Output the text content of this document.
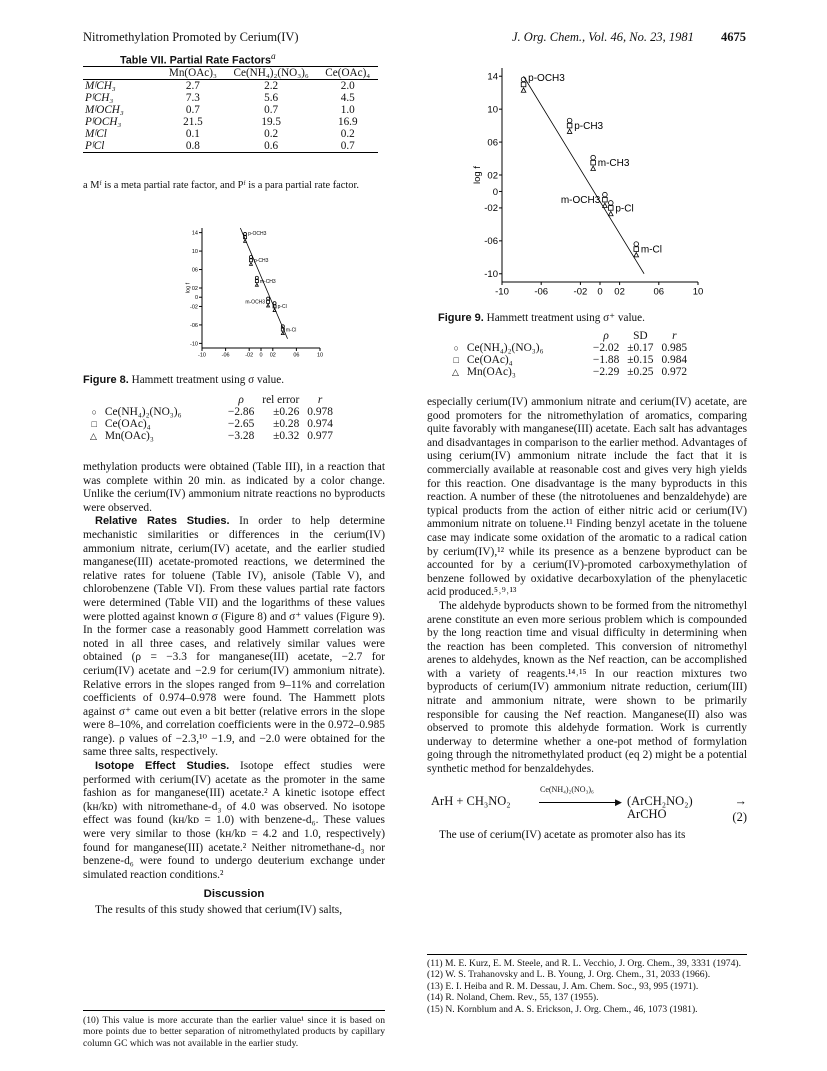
Nitromethylation Promoted by Cerium(IV)	J. Org. Chem., Vol. 46, No. 23, 1981 4675
Table VII. Partial Rate Factors$^a$
	Mn(OAc)₃	Ce(NH₄)₂(NO₃)₆	Ce(OAc)₄
MᶠCH₃	2.7	2.2	2.0
PᶠCH₃	7.3	5.6	4.5
MᶠOCH₃	0.7	0.7	1.0
PᶠOCH₃	21.5	19.5	16.9
MᶠCl	0.1	0.2	0.2
PᶠCl	0.8	0.6	0.7
a Mᶠ is a meta partial rate factor, and Pᶠ is a para partial rate factor.
14
10
06
02
0
-02
-06
-10
-10	-06	-02 0 02	06	10
log f
p-OCH3
p-CH3
m-CH3
m-OCH3
p-Cl
m-Cl
Figure 8. Hammett treatment using σ value.
		ρ	rel error	r
○	Ce(NH₄)₂(NO₃)₆	−2.86	±0.26	0.978
□	Ce(OAc)₄	−2.65	±0.28	0.974
△	Mn(OAc)₃	−3.28	±0.32	0.977

methylation products were obtained (Table III), in a reaction that was complete within 20 min. as indicated by a color change. Unlike the cerium(IV) ammonium nitrate reactions no byproducts were observed.

Relative Rates Studies. In order to help determine mechanistic similarities or differences in the cerium(IV) ammonium nitrate, cerium(IV) acetate, and the earlier studied manganese(III) acetate-promoted reactions, we determined the relative rates for toluene (Table IV), anisole (Table V), and chlorobenzene (Table VI). From these values partial rate factors were determined (Table VII) and the logarithms of these values were plotted against known σ (Figure 8) and σ⁺ values (Figure 9). In the former case a reasonably good Hammett correlation was noted in all three cases, and relatively similar values were obtained (ρ = −3.3 for manganese(III) acetate, −2.7 for cerium(IV) acetate and −2.9 for cerium(IV) ammonium nitrate). Relative errors in the slopes ranged from 9–11% and correlation coefficients of 0.974–0.978 were found. The Hammett plots against σ⁺ came out even a bit better (relative errors in the slope were 8–10%, and correlation coefficients were in the 0.972–0.985 range). ρ values of −2.3,¹⁰ −1.9, and −2.0 were obtained for the same three salts, respectively.

Isotope Effect Studies. Isotope effect studies were performed with cerium(IV) acetate as the promoter in the same fashion as for manganese(III) acetate.² A kinetic isotope effect (kʜ/kᴅ) with nitromethane-d₃ of 4.0 was observed. No isotope effect was found (kʜ/kᴅ = 1.0) with benzene-d₆. These values were very similar to those (kʜ/kᴅ = 4.2 and 1.0, respectively) found for manganese(III) acetate.² Neither nitromethane-d₃ nor benzene-d₆ were found to undergo deuterium exchange under simulated reaction conditions.²

Discussion

The results of this study showed that cerium(IV) salts,

(10) This value is more accurate than the earlier value¹ since it is based on more points due to better separation of nitromethylated products by capillary column GC which was not available in the earlier study.
14
10
06
02
0
-02
-06
-10
-10	-06	-02 0 02	06	10
log f
p-OCH3
p-CH3
m-CH3
m-OCH3
p-Cl
m-Cl
Figure 9. Hammett treatment using σ⁺ value.
		ρ	SD	r
○	Ce(NH₄)₂(NO₃)₆	−2.02	±0.17	0.985
□	Ce(OAc)₄	−1.88	±0.15	0.984
△	Mn(OAc)₃	−2.29	±0.25	0.972

especially cerium(IV) ammonium nitrate and cerium(IV) acetate, are good promoters for the nitromethylation of aromatics, comparing quite favorably with manganese(III) acetate. Each salt has advantages and disadvantages in comparison to the earlier method. Advantages of using cerium(IV) ammonium nitrate include the fact that it is commercially available at reasonable cost and gives very high yields for this reaction. One disadvantage is the many byproducts in this reaction. A number of these (the nitrotoluenes and benzaldehyde) are typical products from the action of either nitric acid or cerium(IV) ammonium nitrate on toluene.¹¹ Finding benzyl acetate in the toluene case may indicate some oxidation of the aromatic to a radical cation by cerium(IV),¹² while its presence as a benzene byproduct can be accounted for by a cerium(IV)-promoted carboxymethylation of benzene followed by oxidative decarboxylation of the phenylacetic acid produced.⁵˒⁹˒¹³

The aldehyde byproducts shown to be formed from the nitromethyl arene constitute an even more serious problem which is compounded by the long reaction time and visual difficulty in determining when the reaction has been completed. This conversion of nitromethyl arenes to aldehydes, known as the Nef reaction, can be accomplished with a variety of reagents.¹⁴˒¹⁵ In our reaction mixtures two byproducts of cerium(IV) ammonium nitrate reduction, cerium(III) nitrate and ammonium nitrate, were shown to be primarily responsible for causing the Nef reaction. Manganese(II) also was observed to promote this aldehyde formation. Work is currently underway to determine whether a one-pot method of formylation going through the nitromethylated product (eq 2) might be a potential synthetic method for benzaldehydes.

ArH + CH₃NO₂
Ce(NH₄)₂(NO₃)₆
▶ (ArCH₂NO₂) → ArCHO	(2)

The use of cerium(IV) acetate as promoter also has its

(11) M. E. Kurz, E. M. Steele, and R. L. Vecchio, J. Org. Chem., 39, 3331 (1974).
(12) W. S. Trahanovsky and L. B. Young, J. Org. Chem., 31, 2033 (1966).
(13) E. I. Heiba and R. M. Dessau, J. Am. Chem. Soc., 93, 995 (1971).
(14) R. Noland, Chem. Rev., 55, 137 (1955).
(15) N. Kornblum and A. S. Erickson, J. Org. Chem., 46, 1073 (1981).
